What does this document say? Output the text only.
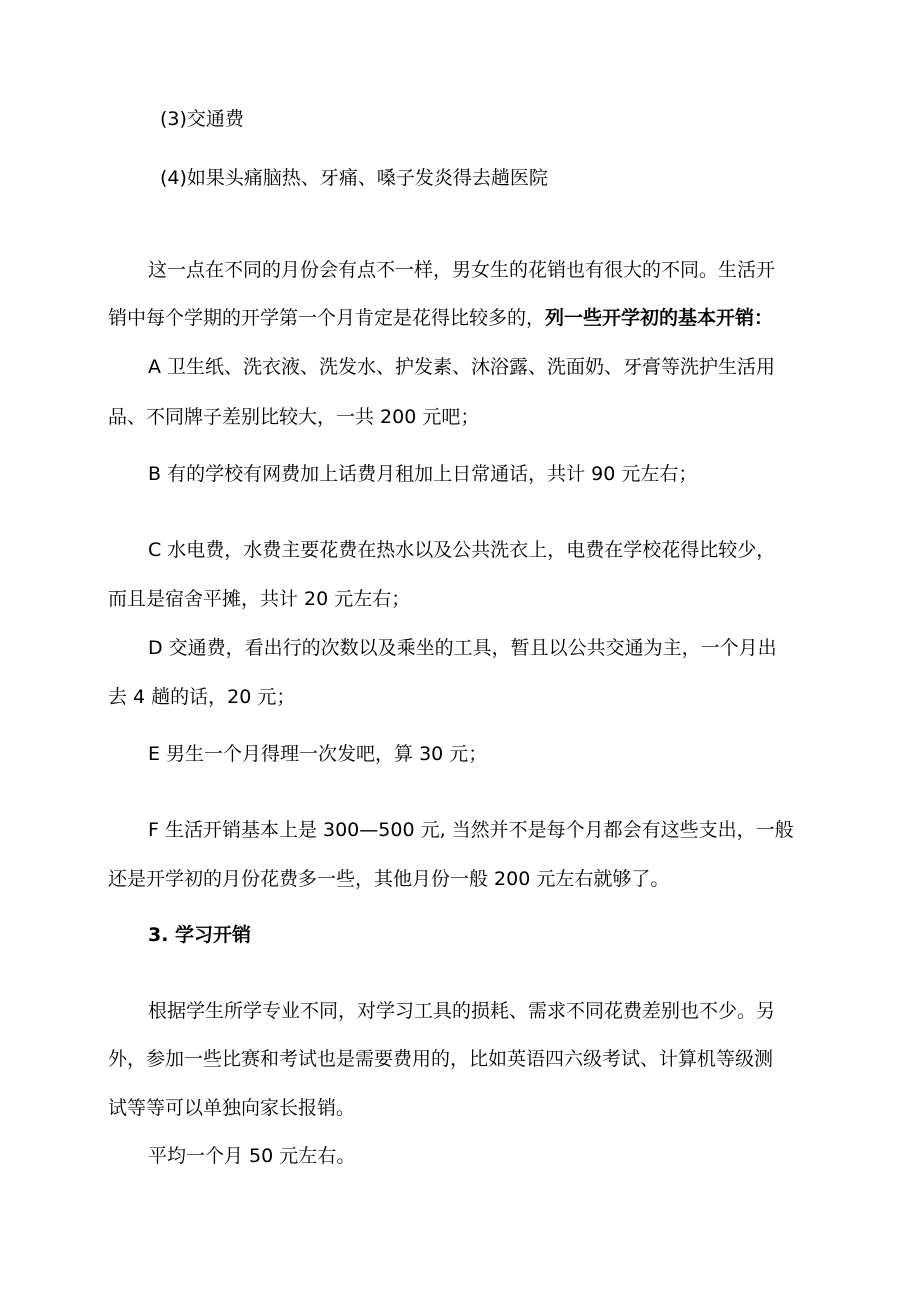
(3)交通费
(4)如果头痛脑热、牙痛、嗓子发炎得去趟医院

这一点在不同的月份会有点不一样，男女生的花销也有很大的不同。生活开

销中每个学期的开学第一个月肯定是花得比较多的，列一些开学初的基本开销：

A 卫生纸、洗衣液、洗发水、护发素、沐浴露、洗面奶、牙膏等洗护生活用

品、不同牌子差别比较大，一共 200 元吧；

B 有的学校有网费加上话费月租加上日常通话，共计 90 元左右；

C 水电费，水费主要花费在热水以及公共洗衣上，电费在学校花得比较少，

而且是宿舍平摊，共计 20 元左右；

D 交通费，看出行的次数以及乘坐的工具，暂且以公共交通为主，一个月出

去 4 趟的话，20 元；

E 男生一个月得理一次发吧，算 30 元；

F 生活开销基本上是 300—500 元, 当然并不是每个月都会有这些支出，一般

还是开学初的月份花费多一些，其他月份一般 200 元左右就够了。

3. 学习开销

根据学生所学专业不同，对学习工具的损耗、需求不同花费差别也不少。另

外，参加一些比赛和考试也是需要费用的，比如英语四六级考试、计算机等级测

试等等可以单独向家长报销。

平均一个月 50 元左右。
